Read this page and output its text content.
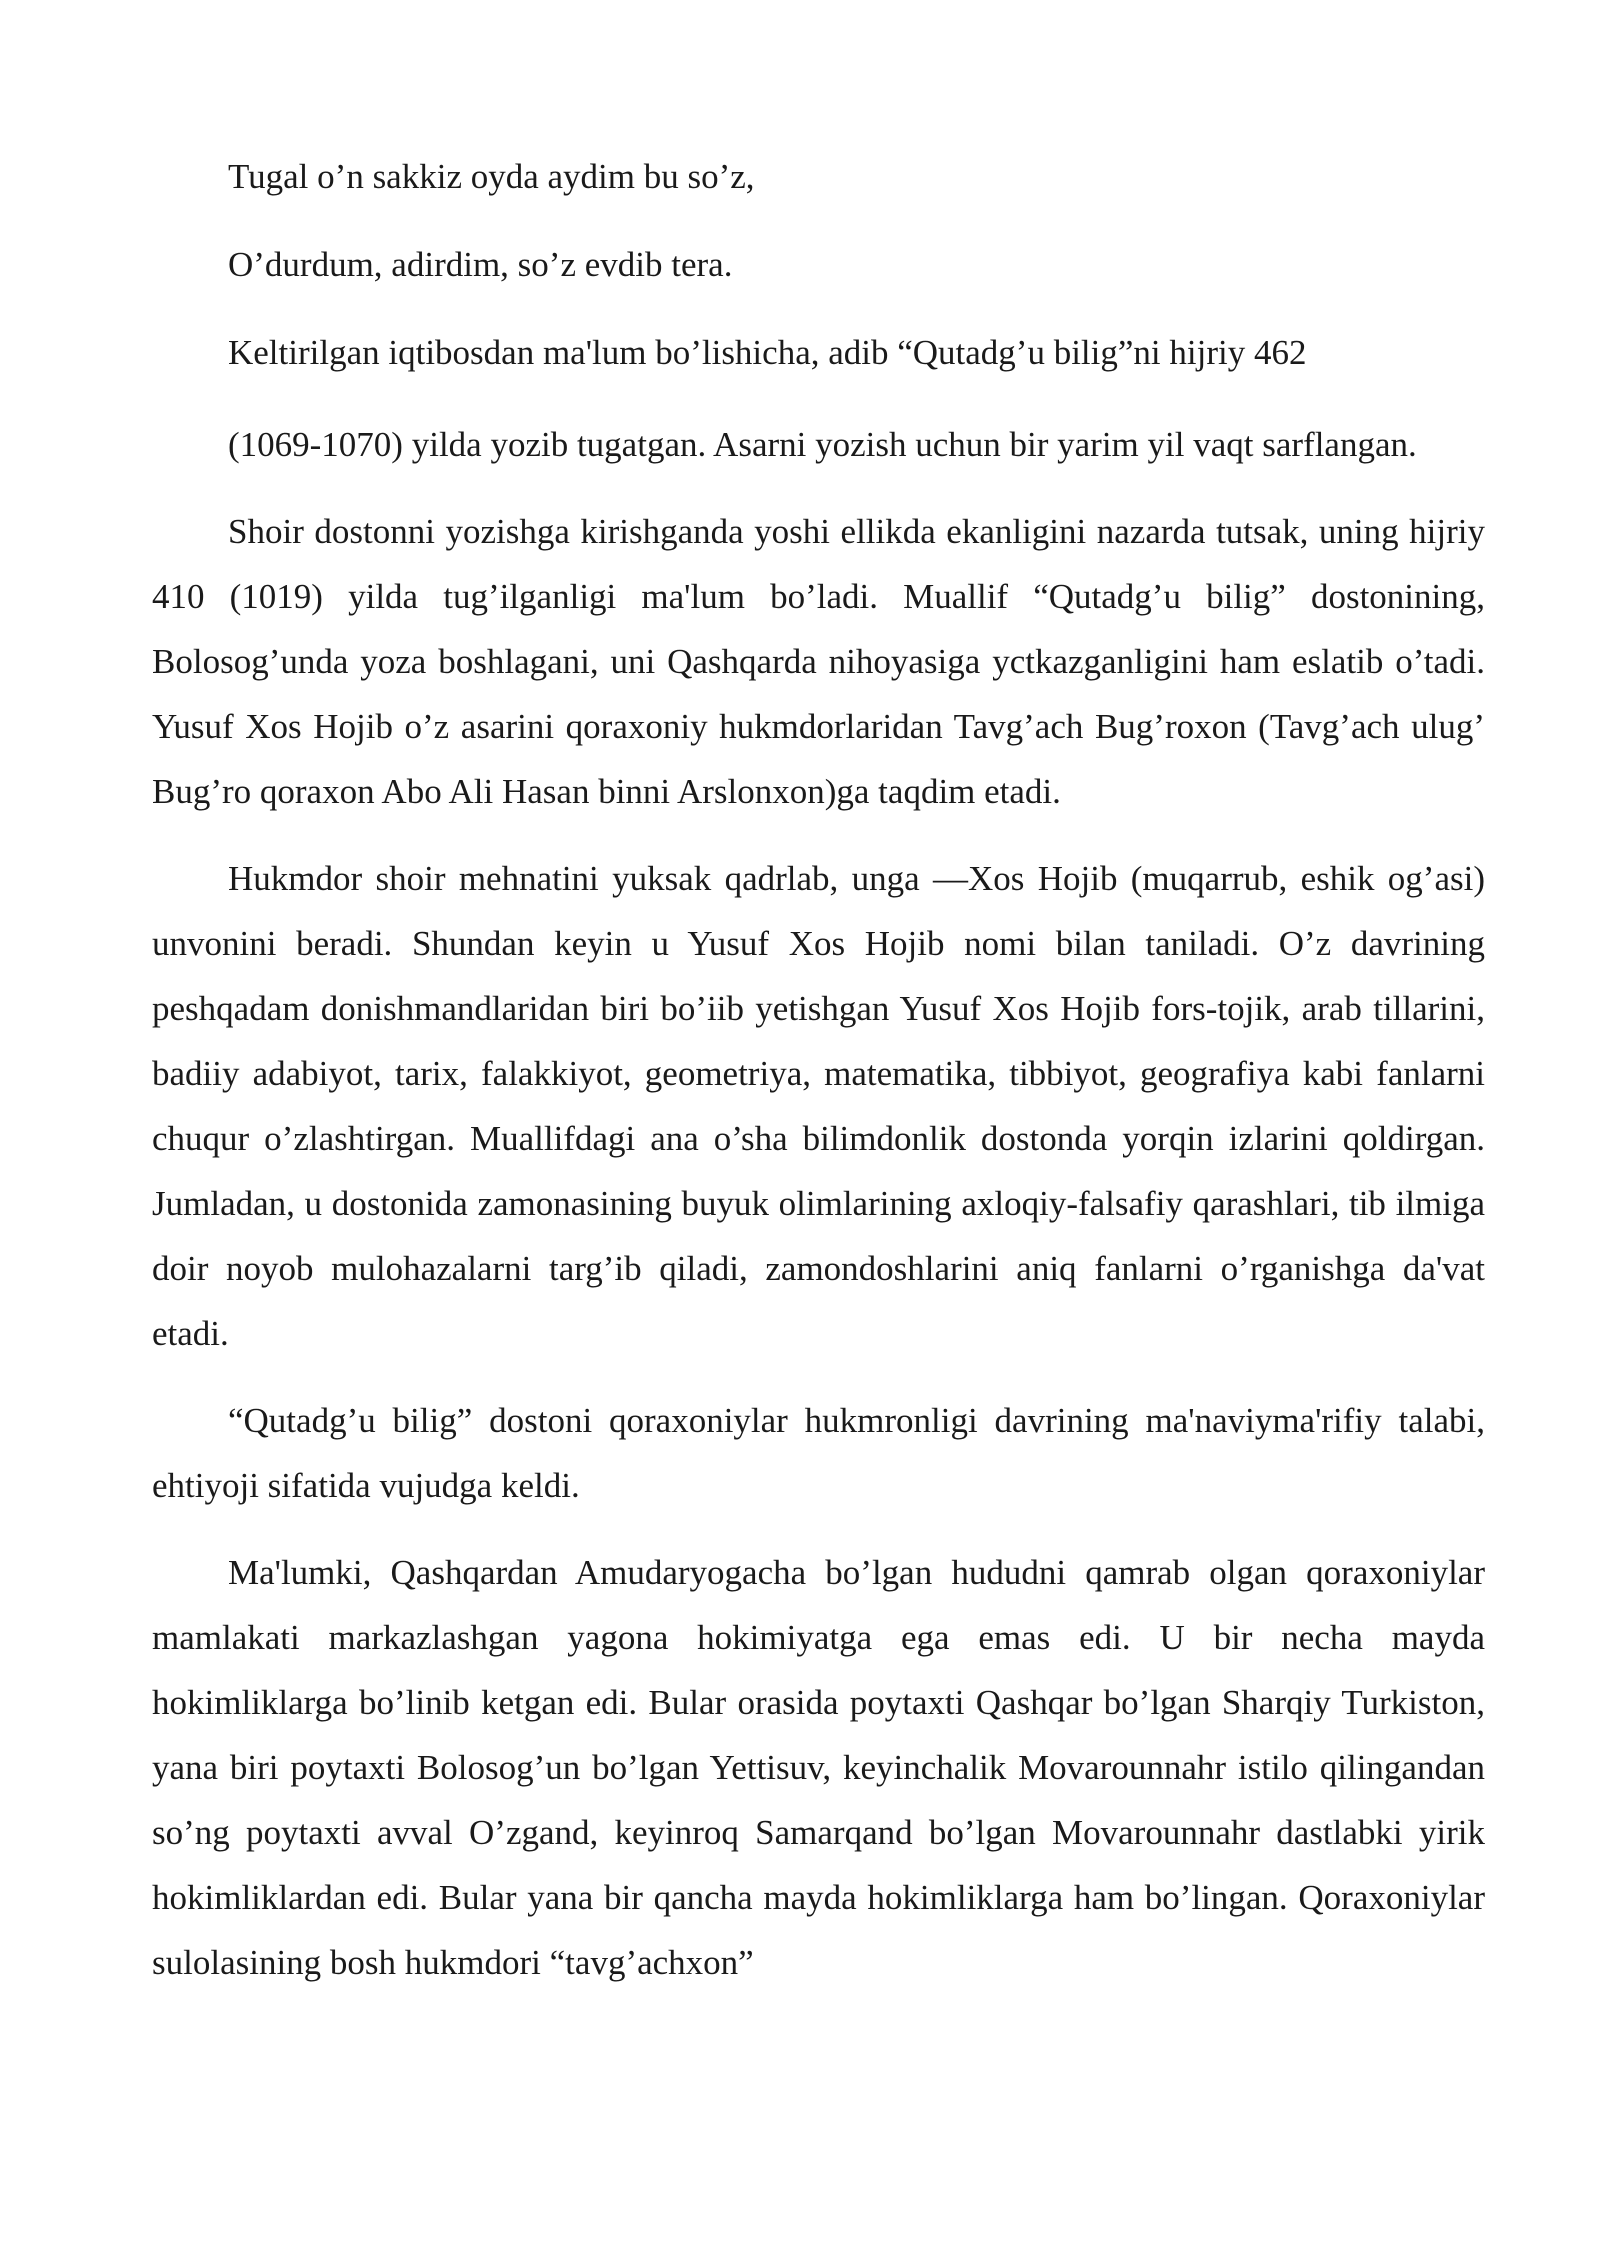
Tugal o’n sakkiz oyda aydim bu so’z,

O’durdum, adirdim, so’z evdib tera.

Keltirilgan iqtibosdan ma'lum bo’lishicha, adib “Qutadg’u bilig”ni hijriy 462

(1069-1070) yilda yozib tugatgan. Asarni yozish uchun bir yarim yil vaqt sarflangan.

Shoir dostonni yozishga kirishganda yoshi ellikda ekanligini nazarda tutsak, uning hijriy 410 (1019) yilda tug’ilganligi ma'lum bo’ladi. Muallif “Qutadg’u bilig” dostonining, Bolosog’unda yoza boshlagani, uni Qashqarda nihoyasiga yctkazganligini ham eslatib o’tadi. Yusuf Xos Hojib o’z asarini qoraxoniy hukmdorlaridan Tavg’ach Bug’roxon (Tavg’ach ulug’ Bug’ro qoraxon Abo Ali Hasan binni Arslonxon)ga taqdim etadi.

Hukmdor shoir mehnatini yuksak qadrlab, unga —Xos Hojib (muqarrub, eshik og’asi) unvonini beradi. Shundan keyin u Yusuf Xos Hojib nomi bilan taniladi. O’z davrining peshqadam donishmandlaridan biri bo’iib yetishgan Yusuf Xos Hojib fors-tojik, arab tillarini, badiiy adabiyot, tarix, falakkiyot, geometriya, matematika, tibbiyot, geografiya kabi fanlarni chuqur o’zlashtirgan. Muallifdagi ana o’sha bilimdonlik dostonda yorqin izlarini qoldirgan. Jumladan, u dostonida zamonasining buyuk olimlarining axloqiy-falsafiy qarashlari, tib ilmiga doir noyob mulohazalarni targ’ib qiladi, zamondoshlarini aniq fanlarni o’rganishga da'vat etadi.

“Qutadg’u bilig” dostoni qoraxoniylar hukmronligi davrining ma'naviyma'rifiy talabi, ehtiyoji sifatida vujudga keldi.

Ma'lumki, Qashqardan Amudaryogacha bo’lgan hududni qamrab olgan qoraxoniylar mamlakati markazlashgan yagona hokimiyatga ega emas edi. U bir necha mayda hokimliklarga bo’linib ketgan edi. Bular orasida poytaxti Qashqar bo’lgan Sharqiy Turkiston, yana biri poytaxti Bolosog’un bo’lgan Yettisuv, keyinchalik Movarounnahr istilo qilingandan so’ng poytaxti avval O’zgand, keyinroq Samarqand bo’lgan Movarounnahr dastlabki yirik hokimliklardan edi. Bular yana bir qancha mayda hokimliklarga ham bo’lingan. Qoraxoniylar sulolasining bosh hukmdori “tavg’achxon”
